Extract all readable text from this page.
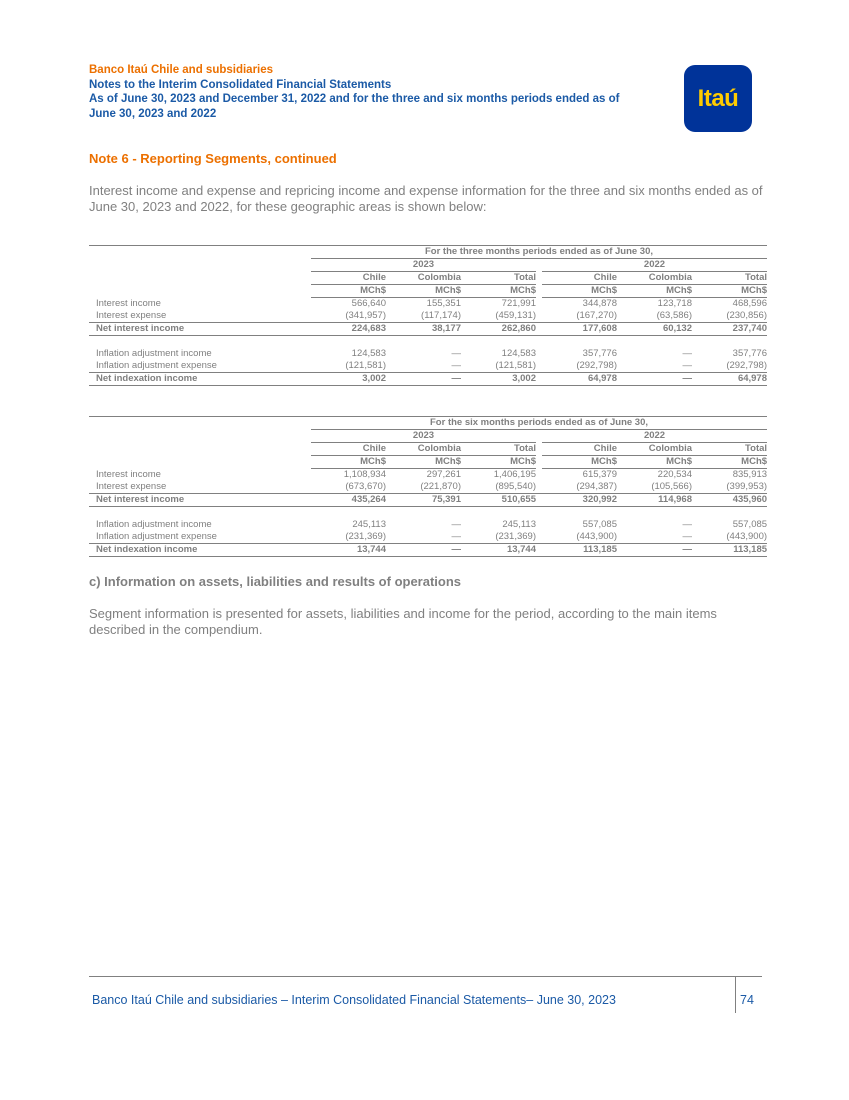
Banco Itaú Chile and subsidiaries
Notes to the Interim Consolidated Financial Statements
As of June 30, 2023 and December 31, 2022 and for the three and six months periods ended as of
June 30, 2023 and 2022
Itaú
Note 6 - Reporting Segments, continued
Interest income and expense and repricing income and expense information for the three and six months ended as of June 30, 2023 and 2022, for these geographic areas is shown below:
	For the three months periods ended as of June 30,						
	2023				2022		
	Chile	Colombia	Total		Chile	Colombia	Total
	MCh$	MCh$	MCh$		MCh$	MCh$	MCh$
Interest income	566,640	155,351	721,991		344,878	123,718	468,596
Interest expense	(341,957)	(117,174)	(459,131)		(167,270)	(63,586)	(230,856)
Net interest income	224,683	38,177	262,860		177,608	60,132	237,740

Inflation adjustment income	124,583	—	124,583		357,776	—	357,776
Inflation adjustment expense	(121,581)	—	(121,581)		(292,798)	—	(292,798)
Net indexation income	3,002	—	3,002		64,978	—	64,978
	For the six months periods ended as of June 30,						
	2023				2022		
	Chile	Colombia	Total		Chile	Colombia	Total
	MCh$	MCh$	MCh$		MCh$	MCh$	MCh$
Interest income	1,108,934	297,261	1,406,195		615,379	220,534	835,913
Interest expense	(673,670)	(221,870)	(895,540)		(294,387)	(105,566)	(399,953)
Net interest income	435,264	75,391	510,655		320,992	114,968	435,960

Inflation adjustment income	245,113	—	245,113		557,085	—	557,085
Inflation adjustment expense	(231,369)	—	(231,369)		(443,900)	—	(443,900)
Net indexation income	13,744	—	13,744		113,185	—	113,185
c) Information on assets, liabilities and results of operations
Segment information is presented for assets, liabilities and income for the period, according to the main items described in the compendium.
Banco Itaú Chile and subsidiaries – Interim Consolidated Financial Statements– June 30, 2023	74
